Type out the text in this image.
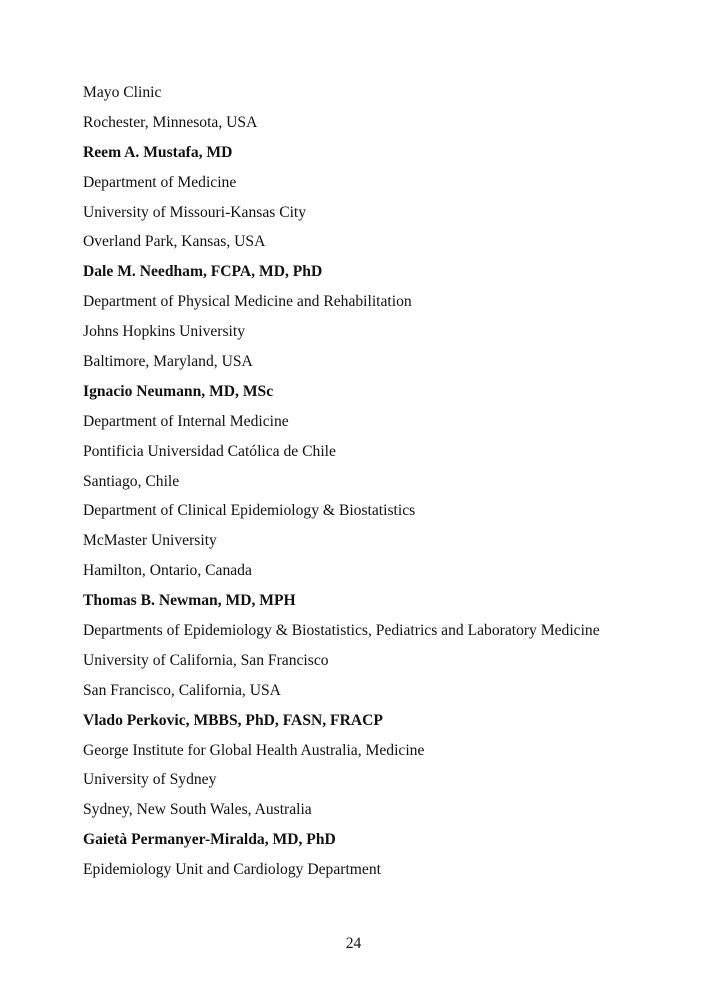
Mayo Clinic

Rochester, Minnesota, USA

Reem A. Mustafa, MD

Department of Medicine

University of Missouri-Kansas City

Overland Park, Kansas, USA

Dale M. Needham, FCPA, MD, PhD

Department of Physical Medicine and Rehabilitation

Johns Hopkins University

Baltimore, Maryland, USA

Ignacio Neumann, MD, MSc

Department of Internal Medicine

Pontificia Universidad Católica de Chile

Santiago, Chile

Department of Clinical Epidemiology & Biostatistics

McMaster University

Hamilton, Ontario, Canada

Thomas B. Newman, MD, MPH

Departments of Epidemiology & Biostatistics, Pediatrics and Laboratory Medicine

University of California, San Francisco

San Francisco, California, USA

Vlado Perkovic, MBBS, PhD, FASN, FRACP

George Institute for Global Health Australia, Medicine

University of Sydney

Sydney, New South Wales, Australia

Gaietà Permanyer-Miralda, MD, PhD

Epidemiology Unit and Cardiology Department

24
